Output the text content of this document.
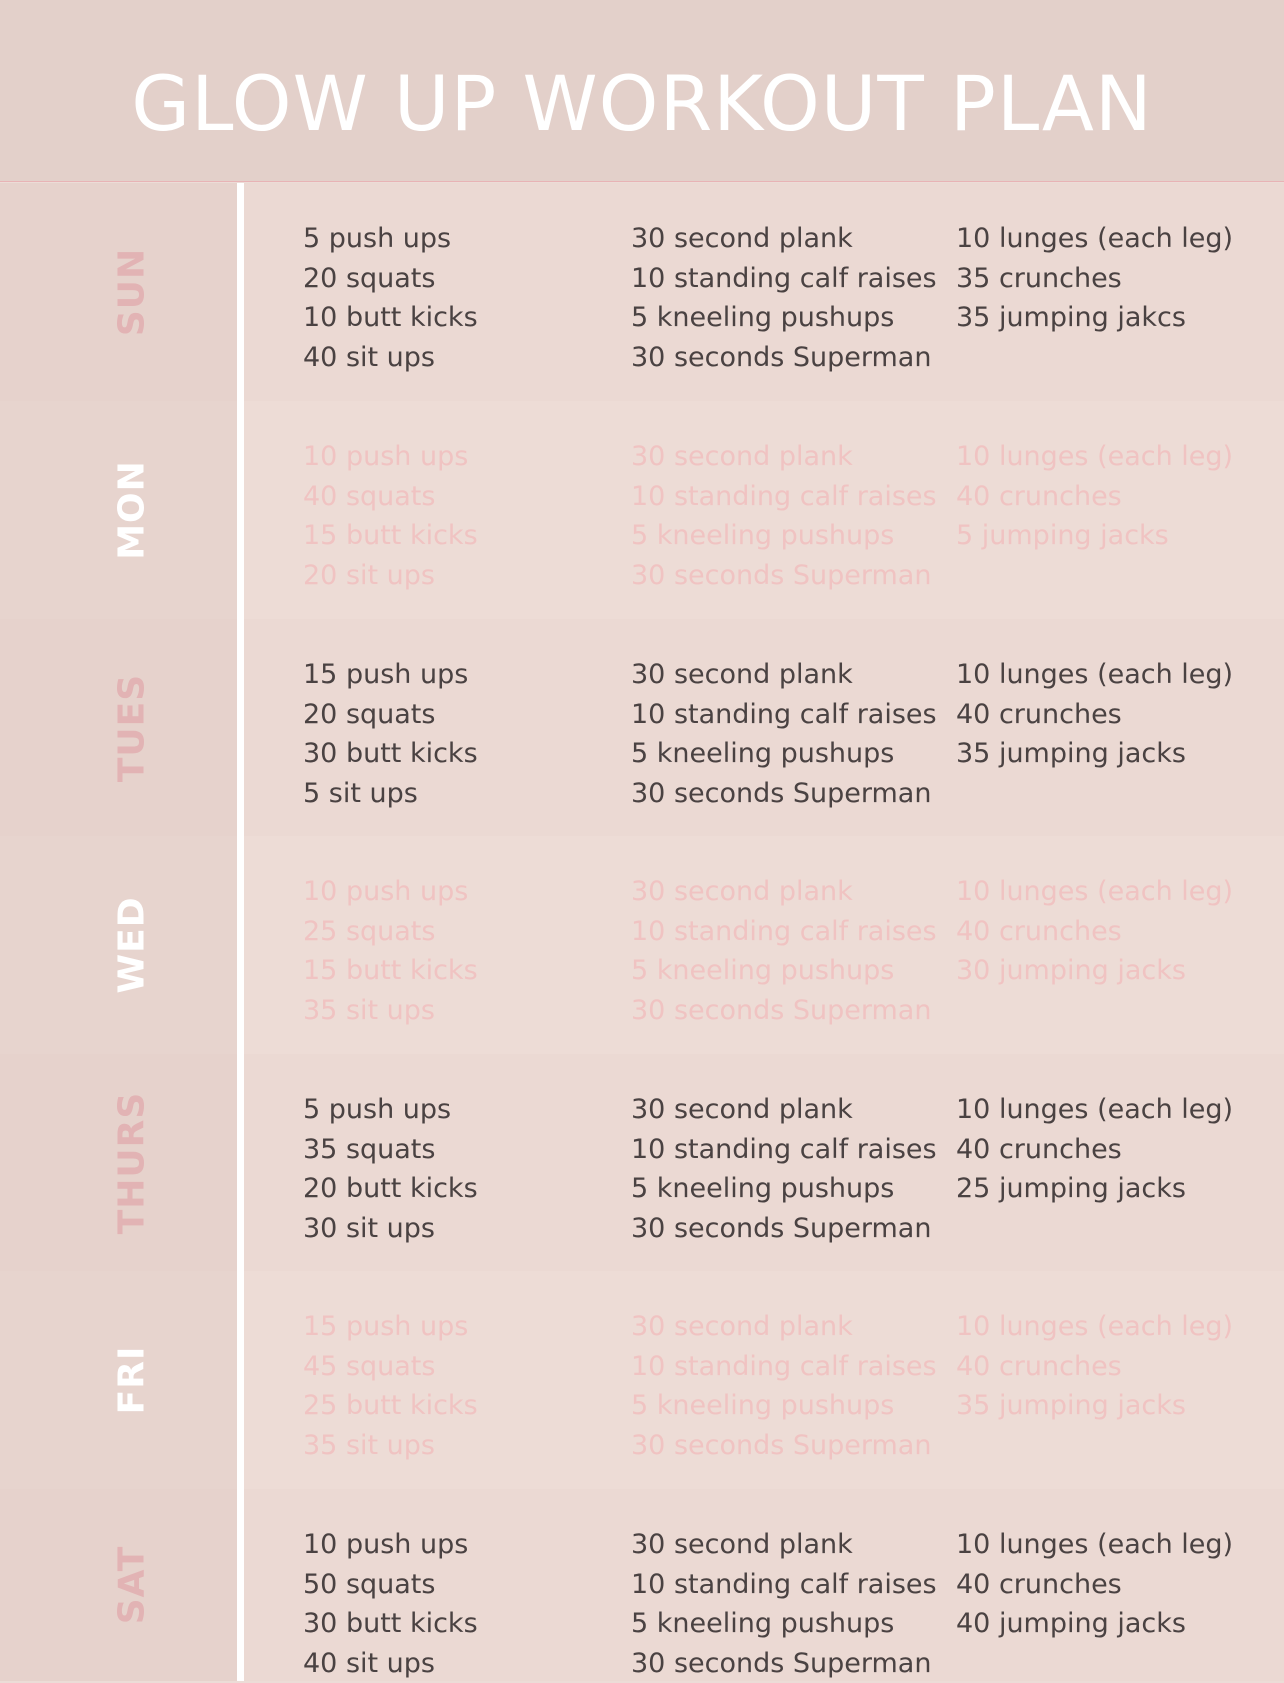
GLOW UP WORKOUT PLAN
SUN
5 push ups
20 squats
10 butt kicks
40 sit ups
30 second plank
10 standing calf raises
5 kneeling pushups
30 seconds Superman
10 lunges (each leg)
35 crunches
35 jumping jakcs
MON
10 push ups
40 squats
15 butt kicks
20 sit ups
30 second plank
10 standing calf raises
5 kneeling pushups
30 seconds Superman
10 lunges (each leg)
40 crunches
5 jumping jacks
TUES	15 push ups
20 squats
30 butt kicks
5 sit ups
30 second plank
10 standing calf raises
5 kneeling pushups
30 seconds Superman
10 lunges (each leg)
40 crunches
35 jumping jacks
WED
10 push ups
25 squats
15 butt kicks
35 sit ups
30 second plank
10 standing calf raises
5 kneeling pushups
30 seconds Superman
10 lunges (each leg)
40 crunches
30 jumping jacks
THURS	5 push ups
35 squats
20 butt kicks
30 sit ups
30 second plank
10 standing calf raises
5 kneeling pushups
30 seconds Superman
10 lunges (each leg)
40 crunches
25 jumping jacks
FRI
15 push ups
45 squats
25 butt kicks
35 sit ups
30 second plank
10 standing calf raises
5 kneeling pushups
30 seconds Superman
10 lunges (each leg)
40 crunches
35 jumping jacks
SAT
10 push ups
50 squats
30 butt kicks
40 sit ups
30 second plank
10 standing calf raises
5 kneeling pushups
30 seconds Superman
10 lunges (each leg)
40 crunches
40 jumping jacks
